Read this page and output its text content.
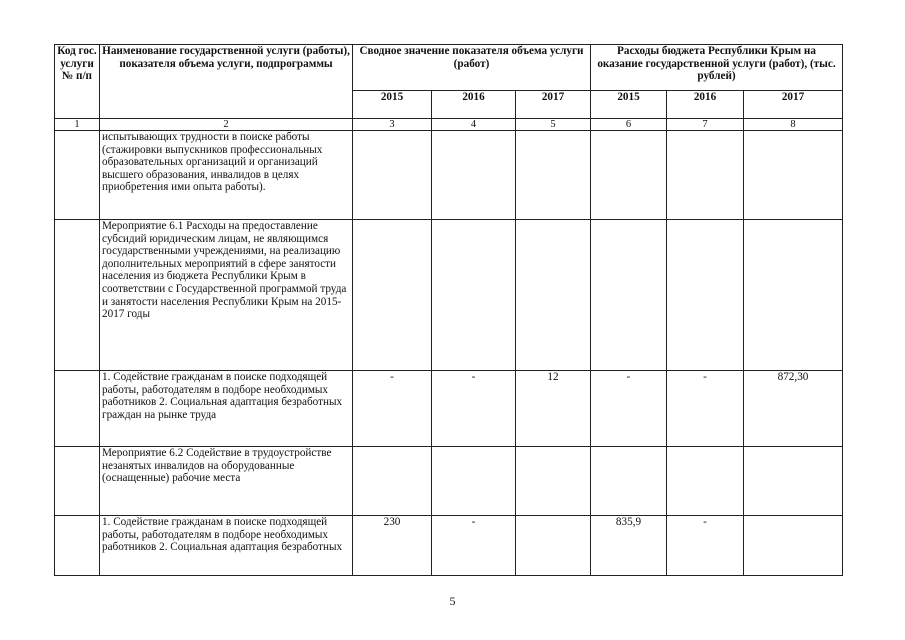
Код гос. услуги № п/п	Наименование государственной услуги (работы), показателя объема услуги, подпрограммы	Сводное значение показателя объема услуги (работ)			Расходы бюджета Республики Крым на оказание государственной услуги (работ), (тыс. рублей)		
		2015	2016	2017	2015	2016	2017
1	2	3	4	5	6	7	8
	испытывающих трудности в поиске работы (стажировки выпускников профессиональных образовательных организаций и организаций высшего образования, инвалидов в целях приобретения ими опыта работы).						
	Мероприятие 6.1 Расходы на предоставление субсидий юридическим лицам, не являющимся государственными учреждениями, на реализацию дополнительных мероприятий в сфере занятости населения из бюджета Республики Крым в соответствии с Государственной программой труда и занятости населения Республики Крым на 2015-2017 годы						
	1. Содействие гражданам в поиске подходящей работы, работодателям в подборе необходимых работников 2. Социальная адаптация безработных граждан на рынке труда	-	-	12	-	-	872,30
	Мероприятие 6.2 Содействие в трудоустройстве незанятых инвалидов на оборудованные (оснащенные) рабочие места						
	1. Содействие гражданам в поиске подходящей работы, работодателям в подборе необходимых работников 2. Социальная адаптация безработных	230	-		835,9	-	
5
